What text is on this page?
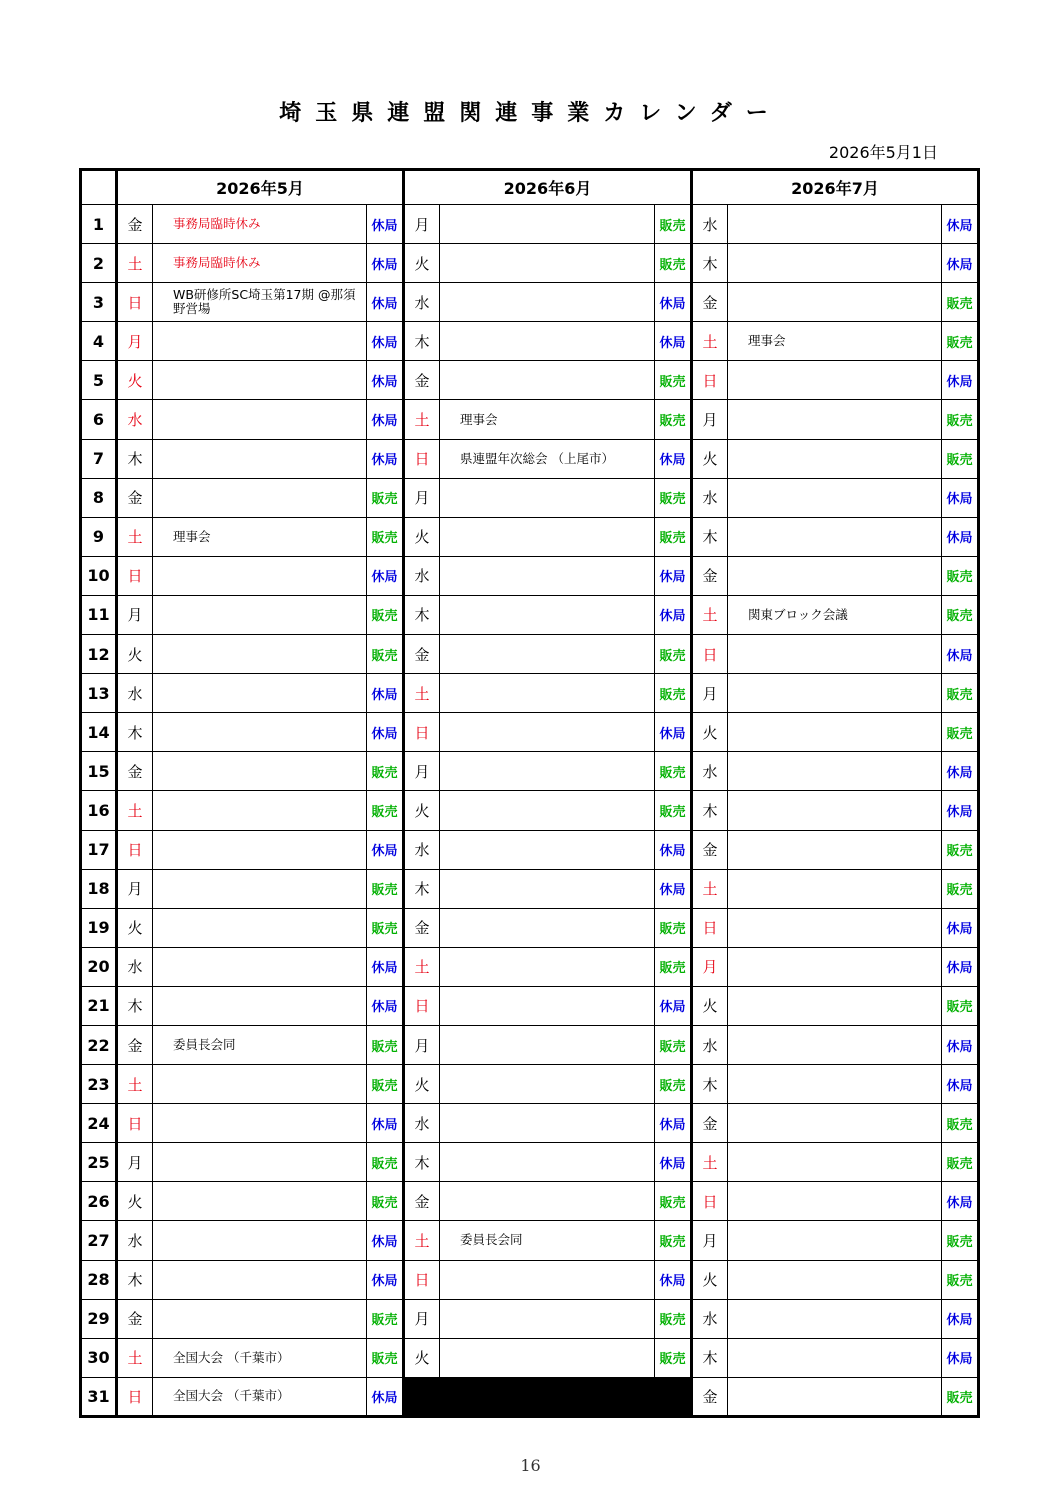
埼玉県連盟関連事業カレンダー
2026年5月1日
	2026年5月			2026年6月			2026年7月		
1	金	事務局臨時休み	休局	月		販売	水		休局
2	土	事務局臨時休み	休局	火		販売	木		休局
3	日	WB研修所SC埼玉第17期 @那須野営場	休局	水		休局	金		販売
4	月		休局	木		休局	土	理事会	販売
5	火		休局	金		販売	日		休局
6	水		休局	土	理事会	販売	月		販売
7	木		休局	日	県連盟年次総会 （上尾市）	休局	火		販売
8	金		販売	月		販売	水		休局
9	土	理事会	販売	火		販売	木		休局
10	日		休局	水		休局	金		販売
11	月		販売	木		休局	土	関東ブロック会議	販売
12	火		販売	金		販売	日		休局
13	水		休局	土		販売	月		販売
14	木		休局	日		休局	火		販売
15	金		販売	月		販売	水		休局
16	土		販売	火		販売	木		休局
17	日		休局	水		休局	金		販売
18	月		販売	木		休局	土		販売
19	火		販売	金		販売	日		休局
20	水		休局	土		販売	月		休局
21	木		休局	日		休局	火		販売
22	金	委員長会同	販売	月		販売	水		休局
23	土		販売	火		販売	木		休局
24	日		休局	水		休局	金		販売
25	月		販売	木		休局	土		販売
26	火		販売	金		販売	日		休局
27	水		休局	土	委員長会同	販売	月		販売
28	木		休局	日		休局	火		販売
29	金		販売	月		販売	水		休局
30	土	全国大会 （千葉市）	販売	火		販売	木		休局
31	日	全国大会 （千葉市）	休局				金		販売
16
